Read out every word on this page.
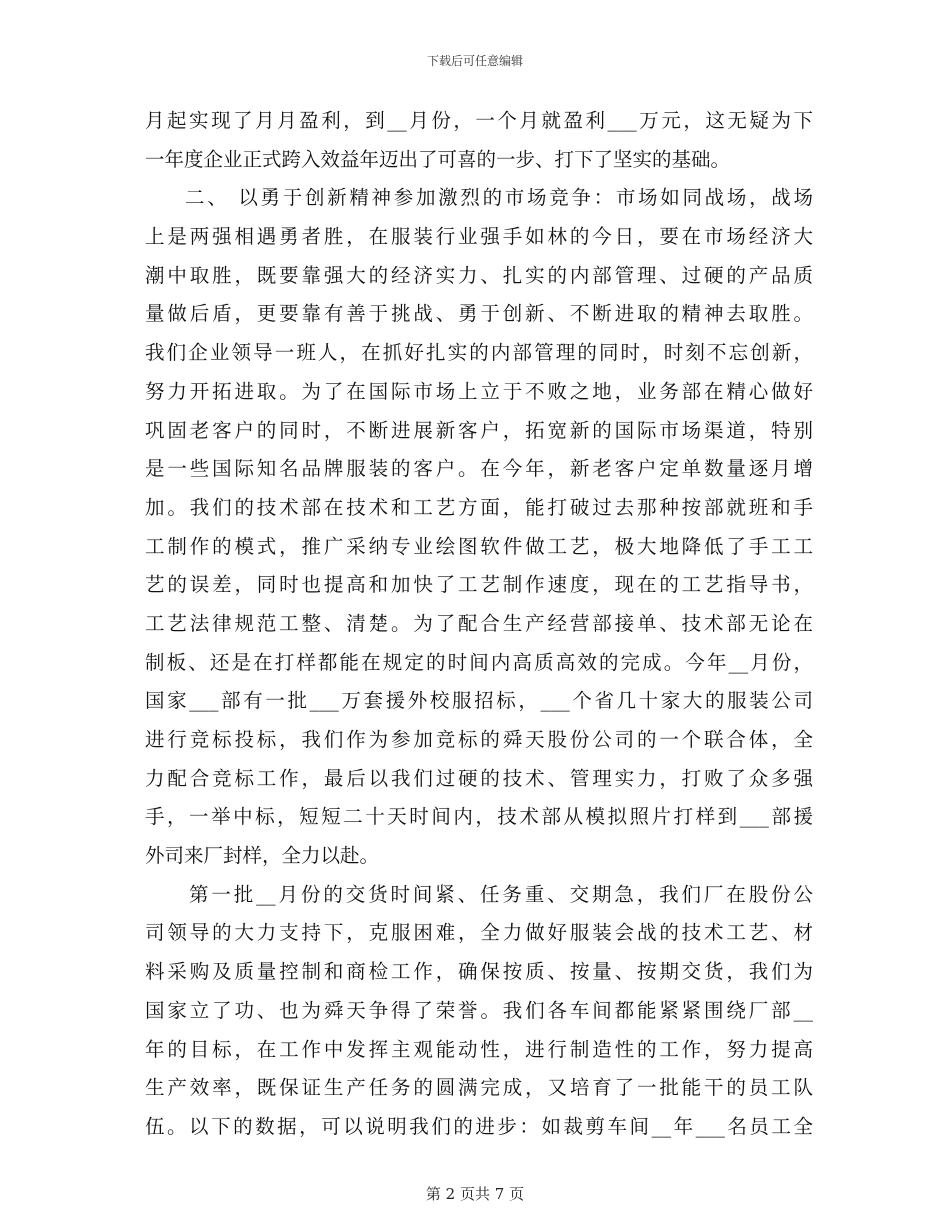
下载后可任意编辑
月起实现了月月盈利，到__月份，一个月就盈利___万元，这无疑为下
一年度企业正式跨入效益年迈出了可喜的一步、打下了坚实的基础。
二、 以勇于创新精神参加激烈的市场竞争：市场如同战场，战场
上是两强相遇勇者胜，在服装行业强手如林的今日，要在市场经济大
潮中取胜，既要靠强大的经济实力、扎实的内部管理、过硬的产品质
量做后盾，更要靠有善于挑战、勇于创新、不断进取的精神去取胜。
我们企业领导一班人，在抓好扎实的内部管理的同时，时刻不忘创新，
努力开拓进取。为了在国际市场上立于不败之地，业务部在精心做好
巩固老客户的同时，不断进展新客户，拓宽新的国际市场渠道，特别
是一些国际知名品牌服装的客户。在今年，新老客户定单数量逐月增
加。我们的技术部在技术和工艺方面，能打破过去那种按部就班和手
工制作的模式，推广采纳专业绘图软件做工艺，极大地降低了手工工
艺的误差，同时也提高和加快了工艺制作速度，现在的工艺指导书，
工艺法律规范工整、清楚。为了配合生产经营部接单、技术部无论在
制板、还是在打样都能在规定的时间内高质高效的完成。今年__月份，
国家___部有一批___万套援外校服招标，___个省几十家大的服装公司
进行竞标投标，我们作为参加竞标的舜天股份公司的一个联合体，全
力配合竞标工作，最后以我们过硬的技术、管理实力，打败了众多强
手，一举中标，短短二十天时间内，技术部从模拟照片打样到___部援
外司来厂封样，全力以赴。
第一批__月份的交货时间紧、任务重、交期急，我们厂在股份公
司领导的大力支持下，克服困难，全力做好服装会战的技术工艺、材
料采购及质量控制和商检工作，确保按质、按量、按期交货，我们为
国家立了功、也为舜天争得了荣誉。我们各车间都能紧紧围绕厂部__
年的目标，在工作中发挥主观能动性，进行制造性的工作，努力提高
生产效率，既保证生产任务的圆满完成，又培育了一批能干的员工队
伍。以下的数据，可以说明我们的进步：如裁剪车间__年___名员工全
第 2 页共 7 页
